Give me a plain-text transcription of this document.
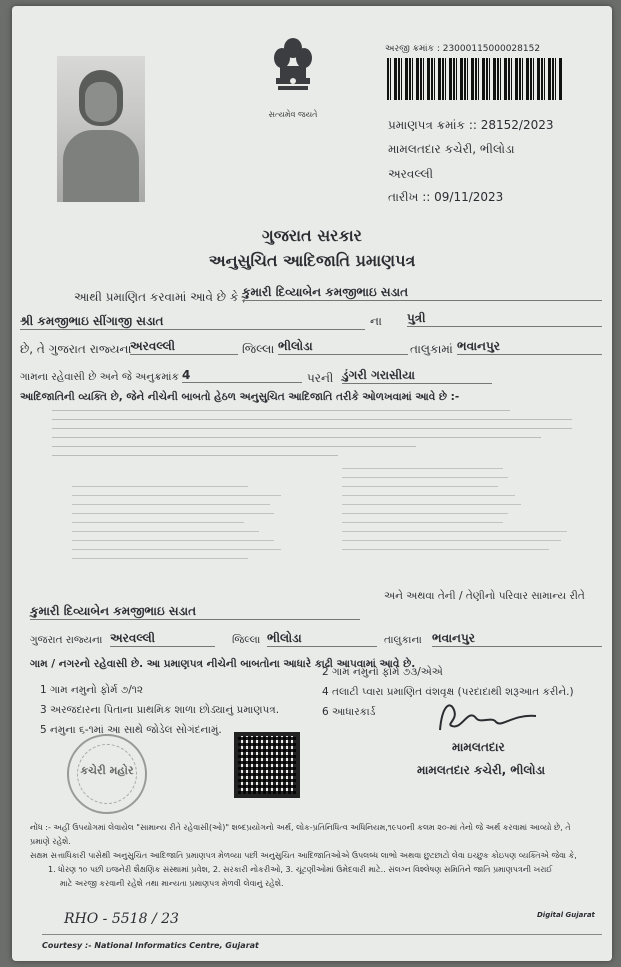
સત્યમેવ જયતે
અરજી ક્રમાંક : 23000115000028152
પ્રમાણપત્ર ક્રમાંક :: 28152/2023
મામલતદાર કચેરી, ભીલોડા
અરવલ્લી
તારીખ :: 09/11/2023
ગુજરાત સરકાર
અનુસુચિત આદિજાતિ પ્રમાણપત્ર
આથી પ્રમાણિત કરવામાં આવે છે કે ,
કુમારી દિવ્યાબેન કમજીભાઇ સડાત
શ્રી કમજીભાઇ સીંગાજી સડાત	ના પુત્રી
છે, તે ગુજરાત રાજ્યના
અરવલ્લી	જિલ્લા ભીલોડા	તાલુકામાં ભવાનપુર
ગામના રહેવાસી છે અને જે અનુક્રમાંક 4	પરની ડુંગરી ગરાસીયા
આદિજાતિની વ્યક્તિ છે, જેને નીચેની બાબતો હેઠળ અનુસુચિત આદિજાતિ તરીકે ઓળખવામાં આવે છે :-
અને અથવા તેની / તેણીનો પરિવાર સામાન્ય રીતે
કુમારી દિવ્યાબેન કમજીભાઇ સડાત
ગુજરાત રાજ્યના અરવલ્લી	જિલ્લા ભીલોડા	તાલુકાના ભવાનપુર
ગામ / નગરનો રહેવાસી છે. આ પ્રમાણપત્ર નીચેની બાબતોના આધારે કાઢી આપવામાં આવે છે.
1 ગામ નમુનો ફોર્મ ૭/૧૨
2 ગામ નમુનો ફોર્મ ૭૩/એએ
3 અરજદારના પિતાના પ્રાથમિક શાળા છોડ્યાનું પ્રમાણપત્ર.
4 તલાટી પ્વારા પ્રમાણિત વંશવૃક્ષ (પરદાદાથી શરૂઆત કરીને.)
5 નમુના ૬-૧માં આ સાથે જોડેલ સોગંદનામું.
6 આધારકાર્ડ
કચેરી મહોર
મામલતદાર
મામલતદાર કચેરી, ભીલોડા
નોંધ :- અહીં ઉપયોગમાં લેવાયેલ "સામાન્ય રીતે રહેવાસી(ઓ)" શબ્દપ્રયોગનો અર્થ, લોક-પ્રતિનિધિત્વ અધિનિયમ,૧૯૫૦ની કલમ ૨૦-માં તેનો જે અર્થ કરવામાં આવ્યો છે, તે
પ્રમાણે રહેશે.
સક્ષમ સત્તાધિકારી પાસેથી અનુસુચિત આદિજાતિ પ્રમાણપત્ર મેળવ્યા પછી અનુસુચિત આદિજાતિઓએ ઉપલબ્ધ લાભો અથવા છુટછાટો લેવા ઇચ્છુક કોઇપણ વ્યક્તિએ જેવા કે,
1. ધોરણ ૧૦ પછી ઇજનેરી શૈક્ષણિક સંસ્થામાં પ્રવેશ, 2. સરકારી નોકરીઓ, 3. ચૂંટણીઓમાં ઉમેદવારી માટે.. સંલગ્ન વિશ્લેષણ સમિતિને જાતિ પ્રમાણપત્રની ખરાઈ
માટે અરજી કરવાની રહેશે તથા માન્યતા પ્રમાણપત્ર મેળવી લેવાનું રહેશે.
RHO - 5518 / 23
Courtesy :- National Informatics Centre, Gujarat
Digital Gujarat
